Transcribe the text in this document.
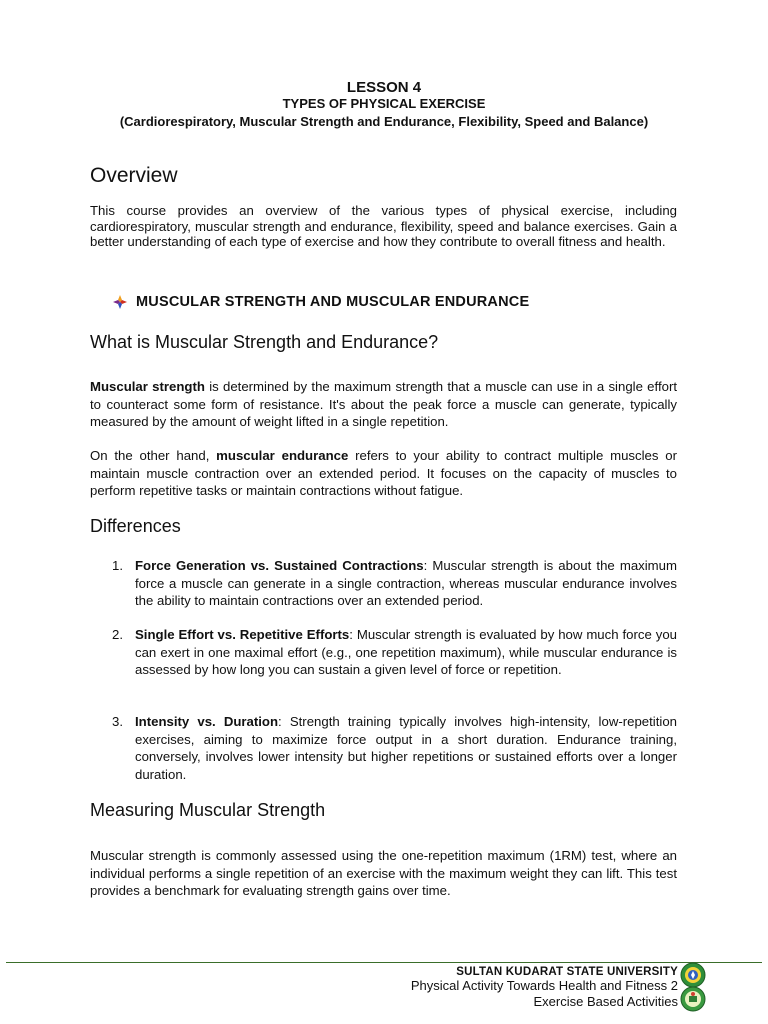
LESSON 4
TYPES OF PHYSICAL EXERCISE
(Cardiorespiratory, Muscular Strength and Endurance, Flexibility, Speed and Balance)
Overview

This course provides an overview of the various types of physical exercise, including cardiorespiratory, muscular strength and endurance, flexibility, speed and balance exercises. Gain a better understanding of each type of exercise and how they contribute to overall fitness and health.

MUSCULAR STRENGTH AND MUSCULAR ENDURANCE
What is Muscular Strength and Endurance?

Muscular strength is determined by the maximum strength that a muscle can use in a single effort to counteract some form of resistance. It's about the peak force a muscle can generate, typically measured by the amount of weight lifted in a single repetition.

On the other hand, muscular endurance refers to your ability to contract multiple muscles or maintain muscle contraction over an extended period. It focuses on the capacity of muscles to perform repetitive tasks or maintain contractions without fatigue.

Differences
1. Force Generation vs. Sustained Contractions: Muscular strength is about the maximum force a muscle can generate in a single contraction, whereas muscular endurance involves the ability to maintain contractions over an extended period.
2. Single Effort vs. Repetitive Efforts: Muscular strength is evaluated by how much force you can exert in one maximal effort (e.g., one repetition maximum), while muscular endurance is assessed by how long you can sustain a given level of force or repetition.
3. Intensity vs. Duration: Strength training typically involves high-intensity, low-repetition exercises, aiming to maximize force output in a short duration. Endurance training, conversely, involves lower intensity but higher repetitions or sustained efforts over a longer duration.
Measuring Muscular Strength

Muscular strength is commonly assessed using the one-repetition maximum (1RM) test, where an individual performs a single repetition of an exercise with the maximum weight they can lift. This test provides a benchmark for evaluating strength gains over time.

SULTAN KUDARAT STATE UNIVERSITY
Physical Activity Towards Health and Fitness 2
Exercise Based Activities
